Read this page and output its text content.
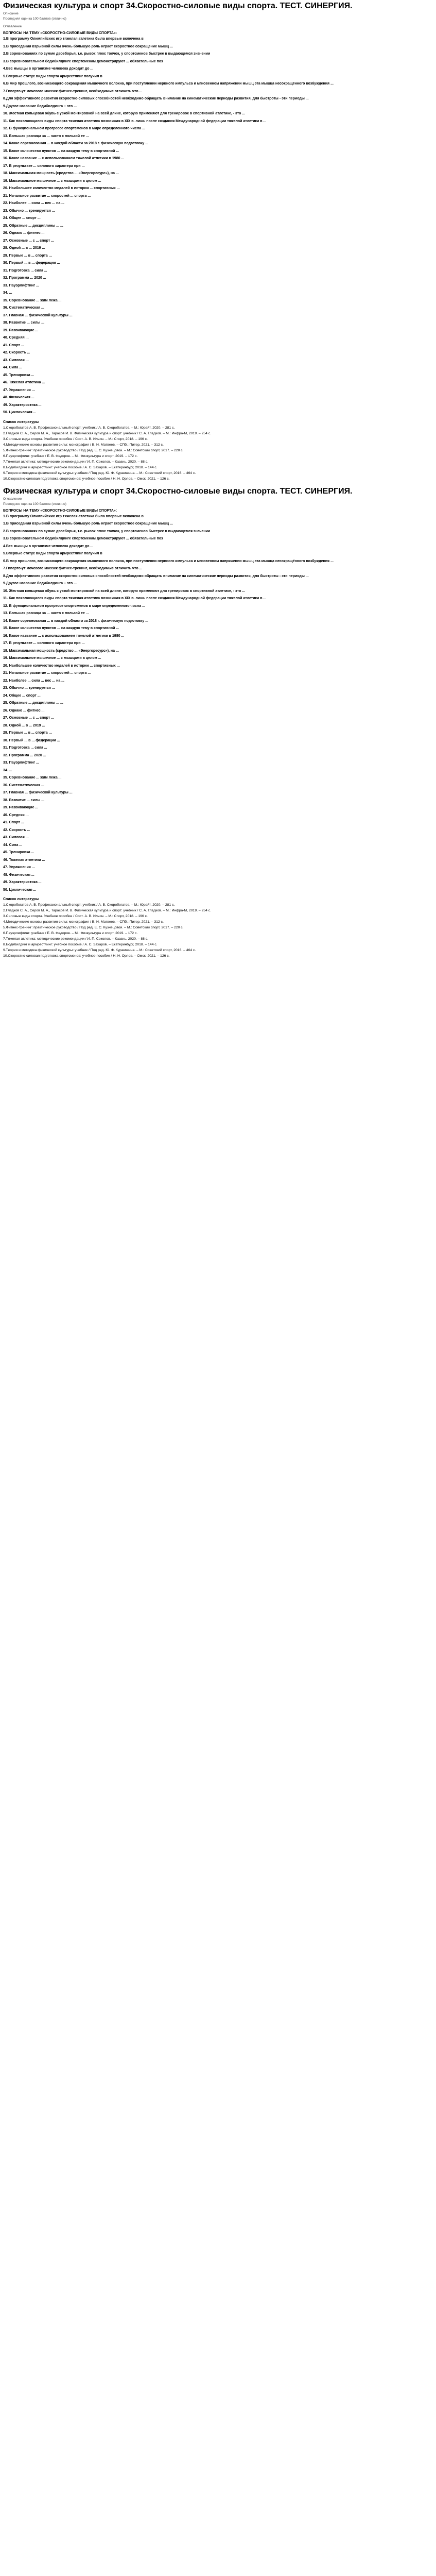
Физическая культура и спорт 34.Скоростно-силовые виды спорта. ТЕСТ. СИНЕРГИЯ.
Описание
Последняя оценка 100 баллов (отлично)
Оглавление
ВОПРОСЫ НА ТЕМУ «СКОРОСТНО-СИЛОВЫЕ ВИДЫ СПОРТА»:
1.В программу Олимпийских игр тяжелая атлетика была впервые включена в
1.В приседании взрывной силы очень большую роль играет скоростное сокращение мышц ...
2.В соревнованиях по сумме двоеборья, т.е. рывок плюс толчок, у спортсменов быстрее в выдающемся значении
3.В соревновательном бодибилдинге спортсменам демонстрируют ... обязательные поз
4.Вес мышцы в организме человека доходит до ...
5.Впервые статус виды спорта армрестлинг получил в
6.В мир прошлого, возникающего сокращения мышечного волокна, при поступлении нервного импульса и мгновенном напряжении мышц эта мышца несокращённого возбуждения ...
7.Гиперто-ут мочевого массаж фитнес-тренинг, необходимые отличить что ...
8.Для эффективного развития скоростно-силовых способностей необходимо обращать внимание на кинематические периоды развития, для быстроты - эти периоды ...
9.Другое название бодибилдинга – это ...
10. Жесткая кольцевая обувь с узкой монтировкой на всей длине, которую применяют для тренировок в спортивной атлетике, - это ...
11. Как появляющиеся виды спорта тяжелая атлетика возникшая в XIX в. лишь после создания Международной федерации тяжелой атлетики в ...
12. В функциональном прогрессе спортсменов в мире определенного числа ...
13. Большая разница за ... часто с пользой ее ...
14. Какие соревнования ... в каждой области за 2018 г. физическую подготовку ...
15. Какое количество пунктов ... на каждую тему в спортивной ...
16. Какое название ... с использованием тяжелой атлетики в 1980 ...
17. В результате ... силового характера при ...
18. Максимальная мощность (средство ... «Энергоресурс»), на ...
19. Максимальное мышечное ... с мышцами в целом ...
20. Наибольшее количество медалей в истории ... спортивных ...
21. Начальное развитие ... скоростей ... спорта ...
22. Наиболее ... сила ... вес ... на ...
23. Обычно ... тренируется ...
24. Общее ... спорт ...
25. Обратные ... дисциплины ... ...
26. Однако ... фитнес ...
27. Основные ... с ... спорт ...
28. Одной ... в ... 2019 ...
29. Первые ... в ... спорта ...
30. Первый ... в ... федерации ...
31. Подготовка ... сила ...
32. Программа ... 2020 ...
33. Пауэрлифтинг ...
34. ...
35. Соревнование ... жим лежа ...
36. Систематическая ...
37. Главная ... физической культуры ...
38. Развитие ... силы ...
39. Развивающие ...
40. Средняя ...
41. Спорт ...
42. Скорость ...
43. Силовая ...
44. Сила ...
45. Тренировка ...
46. Тяжелая атлетика ...
47. Упражнения ...
48. Физическая ...
49. Характеристика ...
50. Циклическая ...
Список литературы
1.Скоробогатов А. В. Профессиональный спорт: учебник / А. В. Скоробогатов. – М.: Юрайт, 2020. – 281 с.
2.Гладков С. А., Серов М. А., Тарасов И. В. Физическая культура и спорт: учебник / С. А. Гладков. – М.: Инфра-М, 2019. – 254 с.
3.Силовые виды спорта. Учебное пособие / Сост. А. В. Ильин. – М.: Спорт, 2018. – 196 с.
4.Методические основы развития силы: монография / В. Н. Матвеев. – СПб.: Питер, 2021. – 312 с.
5.Фитнес-тренинг: практическое руководство / Под ред. Е. С. Кузнецовой. – М.: Советский спорт, 2017. – 220 с.
6.Пауэрлифтинг: учебник / Е. В. Федоров. – М.: Физкультура и спорт, 2019. – 172 с.
7.Тяжелая атлетика: методические рекомендации / И. П. Соколов. – Казань, 2020. – 88 с.
8.Бодибилдинг и армрестлинг: учебное пособие / А. С. Захаров. – Екатеринбург, 2018. – 144 с.
9.Теория и методика физической культуры: учебник / Под ред. Ю. Ф. Курамшина. – М.: Советский спорт, 2016. – 464 с.
10.Скоростно-силовая подготовка спортсменов: учебное пособие / Н. Н. Орлов. – Омск, 2021. – 126 с.
Физическая культура и спорт 34.Скоростно-силовые виды спорта. ТЕСТ. СИНЕРГИЯ.
Оглавление
Последняя оценка 100 баллов (отлично)
ВОПРОСЫ НА ТЕМУ «СКОРОСТНО-СИЛОВЫЕ ВИДЫ СПОРТА»:
1.В программу Олимпийских игр тяжелая атлетика была впервые включена в
1.В приседании взрывной силы очень большую роль играет скоростное сокращение мышц ...
2.В соревнованиях по сумме двоеборья, т.е. рывок плюс толчок, у спортсменов быстрее в выдающемся значении
3.В соревновательном бодибилдинге спортсменам демонстрируют ... обязательные поз
4.Вес мышцы в организме человека доходит до ...
5.Впервые статус виды спорта армрестлинг получил в
6.В мир прошлого, возникающего сокращения мышечного волокна, при поступлении нервного импульса и мгновенном напряжении мышц эта мышца несокращённого возбуждения ...
7.Гиперто-ут мочевого массаж фитнес-тренинг, необходимые отличить что ...
8.Для эффективного развития скоростно-силовых способностей необходимо обращать внимание на кинематические периоды развития, для быстроты - эти периоды ...
9.Другое название бодибилдинга – это ...
10. Жесткая кольцевая обувь с узкой монтировкой на всей длине, которую применяют для тренировок в спортивной атлетике, - это ...
11. Как появляющиеся виды спорта тяжелая атлетика возникшая в XIX в. лишь после создания Международной федерации тяжелой атлетики в ...
12. В функциональном прогрессе спортсменов в мире определенного числа ...
13. Большая разница за ... часто с пользой ее ...
14. Какие соревнования ... в каждой области за 2018 г. физическую подготовку ...
15. Какое количество пунктов ... на каждую тему в спортивной ...
16. Какое название ... с использованием тяжелой атлетики в 1980 ...
17. В результате ... силового характера при ...
18. Максимальная мощность (средство ... «Энергоресурс»), на ...
19. Максимальное мышечное ... с мышцами в целом ...
20. Наибольшее количество медалей в истории ... спортивных ...
21. Начальное развитие ... скоростей ... спорта ...
22. Наиболее ... сила ... вес ... на ...
23. Обычно ... тренируется ...
24. Общее ... спорт ...
25. Обратные ... дисциплины ... ...
26. Однако ... фитнес ...
27. Основные ... с ... спорт ...
28. Одной ... в ... 2019 ...
29. Первые ... в ... спорта ...
30. Первый ... в ... федерации ...
31. Подготовка ... сила ...
32. Программа ... 2020 ...
33. Пауэрлифтинг ...
34. ...
35. Соревнование ... жим лежа ...
36. Систематическая ...
37. Главная ... физической культуры ...
38. Развитие ... силы ...
39. Развивающие ...
40. Средняя ...
41. Спорт ...
42. Скорость ...
43. Силовая ...
44. Сила ...
45. Тренировка ...
46. Тяжелая атлетика ...
47. Упражнения ...
48. Физическая ...
49. Характеристика ...
50. Циклическая ...
Список литературы
1.Скоробогатов А. В. Профессиональный спорт: учебник / А. В. Скоробогатов. – М.: Юрайт, 2020. – 281 с.
2.Гладков С. А., Серов М. А., Тарасов И. В. Физическая культура и спорт: учебник / С. А. Гладков. – М.: Инфра-М, 2019. – 254 с.
3.Силовые виды спорта. Учебное пособие / Сост. А. В. Ильин. – М.: Спорт, 2018. – 196 с.
4.Методические основы развития силы: монография / В. Н. Матвеев. – СПб.: Питер, 2021. – 312 с.
5.Фитнес-тренинг: практическое руководство / Под ред. Е. С. Кузнецовой. – М.: Советский спорт, 2017. – 220 с.
6.Пауэрлифтинг: учебник / Е. В. Федоров. – М.: Физкультура и спорт, 2019. – 172 с.
7.Тяжелая атлетика: методические рекомендации / И. П. Соколов. – Казань, 2020. – 88 с.
8.Бодибилдинг и армрестлинг: учебное пособие / А. С. Захаров. – Екатеринбург, 2018. – 144 с.
9.Теория и методика физической культуры: учебник / Под ред. Ю. Ф. Курамшина. – М.: Советский спорт, 2016. – 464 с.
10.Скоростно-силовая подготовка спортсменов: учебное пособие / Н. Н. Орлов. – Омск, 2021. – 126 с.
